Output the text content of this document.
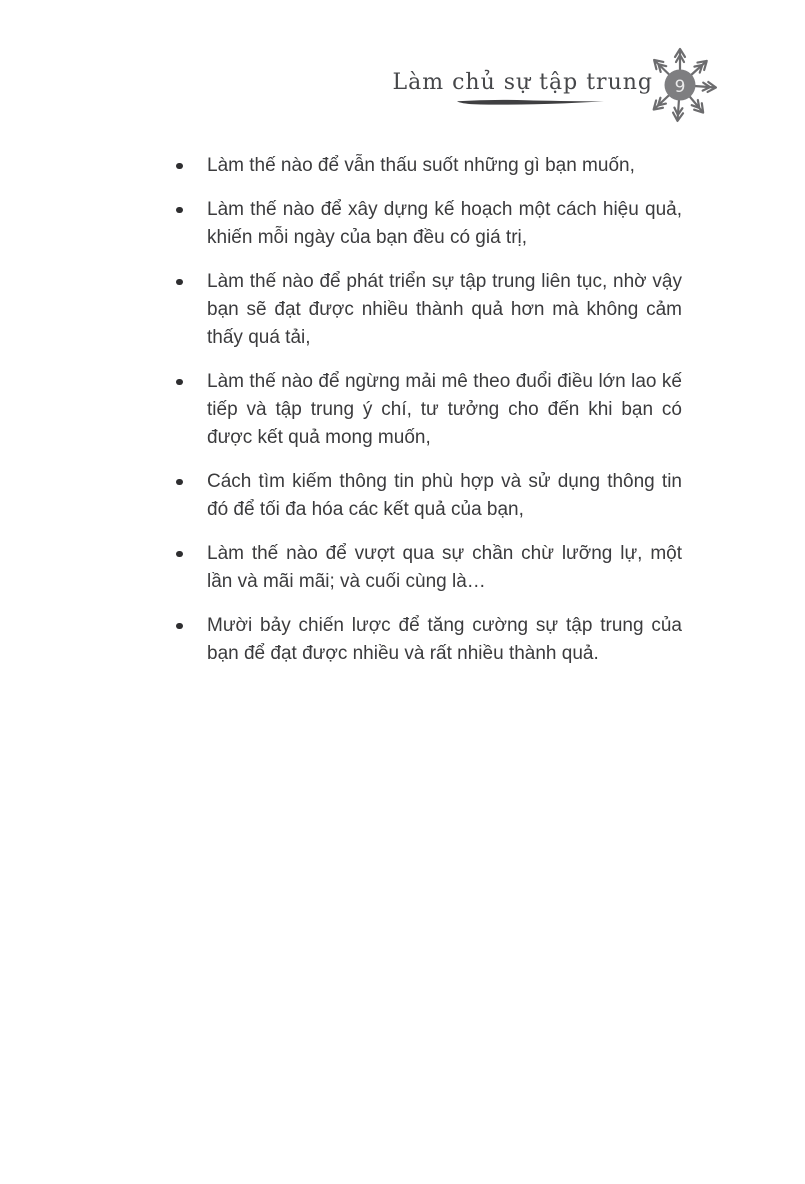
Làm chủ sự tập trung	9
Làm thế nào để vẫn thấu suốt những gì bạn muốn,
Làm thế nào để xây dựng kế hoạch một cách hiệu quả, khiến mỗi ngày của bạn đều có giá trị,
Làm thế nào để phát triển sự tập trung liên tục, nhờ vậy bạn sẽ đạt được nhiều thành quả hơn mà không cảm thấy quá tải,
Làm thế nào để ngừng mải mê theo đuổi điều lớn lao kế tiếp và tập trung ý chí, tư tưởng cho đến khi bạn có được kết quả mong muốn,
Cách tìm kiếm thông tin phù hợp và sử dụng thông tin đó để tối đa hóa các kết quả của bạn,
Làm thế nào để vượt qua sự chần chừ lưỡng lự, một lần và mãi mãi; và cuối cùng là…
Mười bảy chiến lược để tăng cường sự tập trung của bạn để đạt được nhiều và rất nhiều thành quả.
